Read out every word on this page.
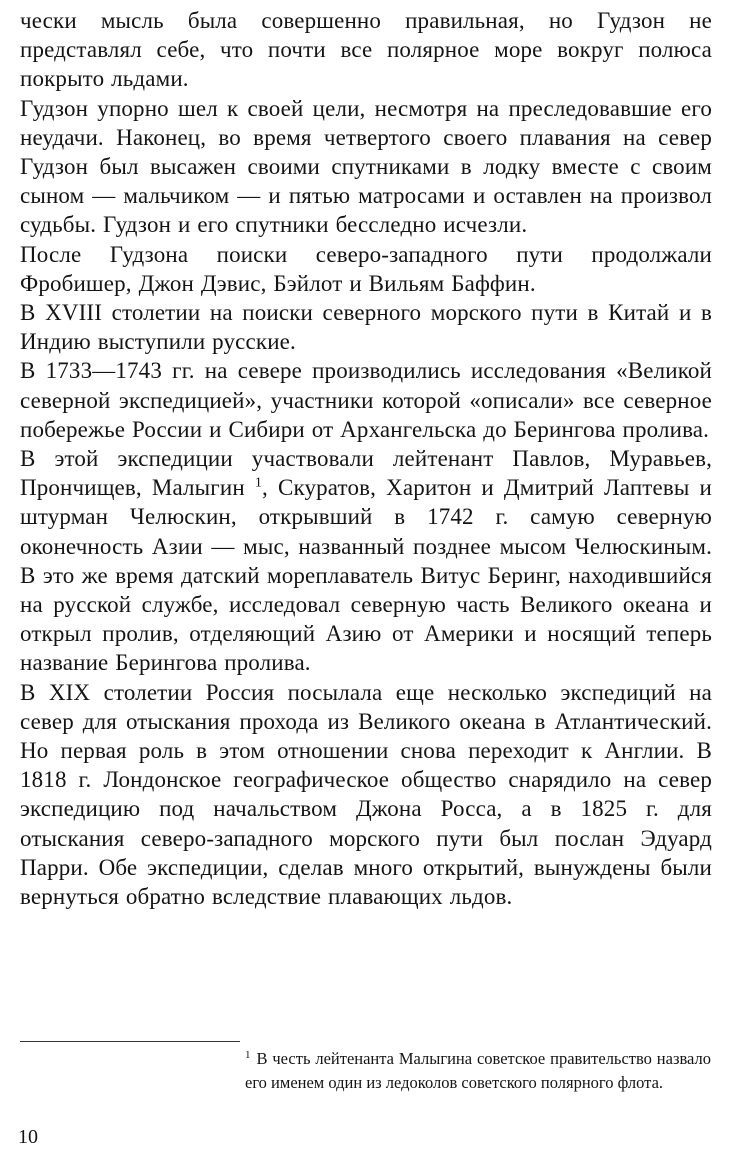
чески мысль была совершенно правильная, но Гудзон не представлял себе, что почти все полярное море вокруг полюса покрыто льдами.

Гудзон упорно шел к своей цели, несмотря на преследовавшие его неудачи. Наконец, во время четвертого своего плавания на север Гудзон был высажен своими спутниками в лодку вместе с своим сыном — мальчиком — и пятью матросами и оставлен на произвол судьбы. Гудзон и его спутники бесследно исчезли.

После Гудзона поиски северо-западного пути продолжали Фробишер, Джон Дэвис, Бэйлот и Вильям Баффин.

В XVIII столетии на поиски северного морского пути в Китай и в Индию выступили русские.

В 1733—1743 гг. на севере производились исследования «Великой северной экспедицией», участники которой «описали» все северное побережье России и Сибири от Архангельска до Берингова пролива.

В этой экспедиции участвовали лейтенант Павлов, Муравьев, Прончищев, Малыгин $^1$, Скуратов, Харитон и Дмитрий Лаптевы и штурман Челюскин, открывший в 1742 г. самую северную оконечность Азии — мыс, названный позднее мысом Челюскиным. В это же время датский мореплаватель Витус Беринг, находившийся на русской службе, исследовал северную часть Великого океана и открыл пролив, отделяющий Азию от Америки и носящий теперь название Берингова пролива.

В XIX столетии Россия посылала еще несколько экспедиций на север для отыскания прохода из Великого океана в Атлантический. Но первая роль в этом отношении снова переходит к Англии. В 1818 г. Лондонское географическое общество снарядило на север экспедицию под начальством Джона Росса, а в 1825 г. для отыскания северо-западного морского пути был послан Эдуард Парри. Обе экспедиции, сделав много открытий, вынуждены были вернуться обратно вследствие плавающих льдов.

$^1$ В честь лейтенанта Малыгина советское правительство назвало его именем один из ледоколов советского полярного флота.
10
